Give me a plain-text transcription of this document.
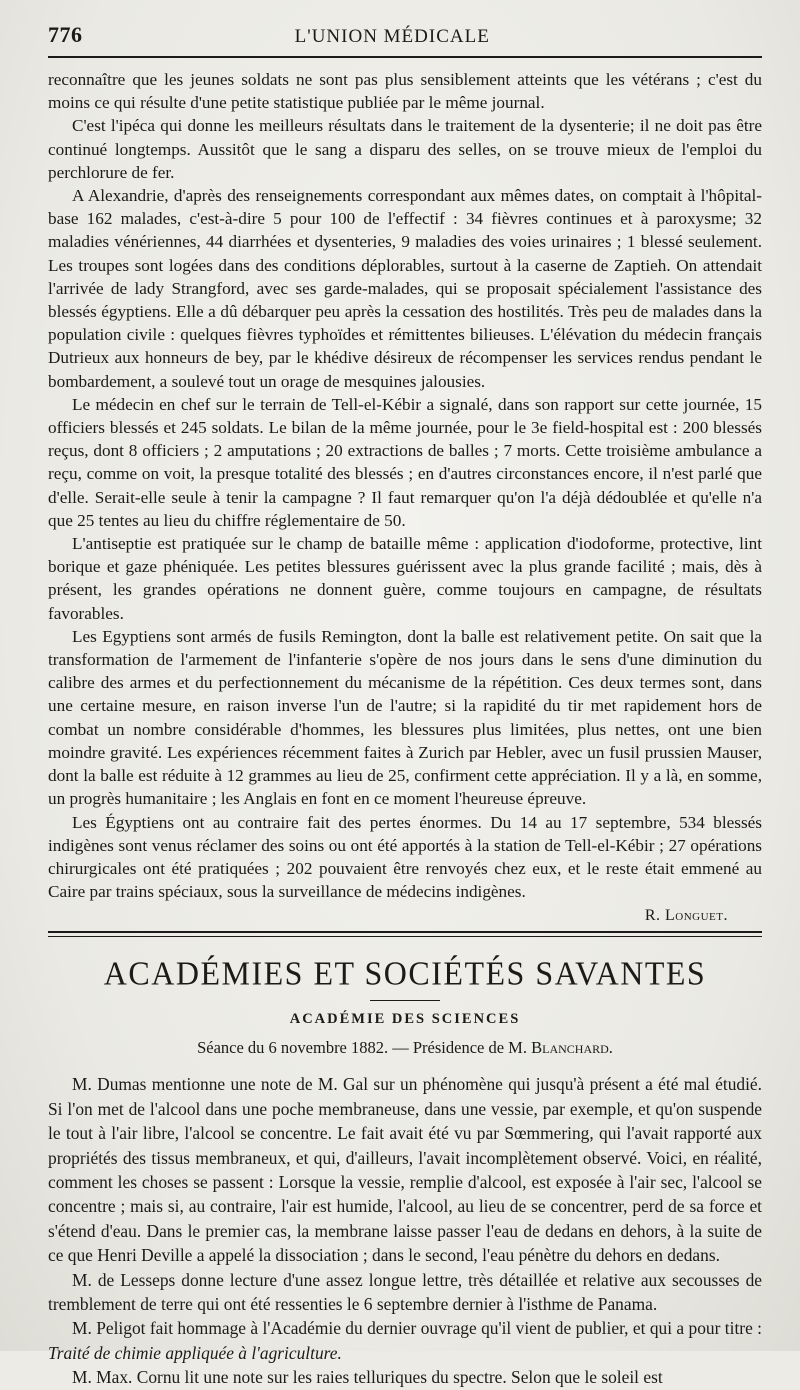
776	L'UNION MÉDICALE

reconnaître que les jeunes soldats ne sont pas plus sensiblement atteints que les vétérans ; c'est du moins ce qui résulte d'une petite statistique publiée par le même journal.

C'est l'ipéca qui donne les meilleurs résultats dans le traitement de la dysenterie; il ne doit pas être continué longtemps. Aussitôt que le sang a disparu des selles, on se trouve mieux de l'emploi du perchlorure de fer.

A Alexandrie, d'après des renseignements correspondant aux mêmes dates, on comptait à l'hôpital-base 162 malades, c'est-à-dire 5 pour 100 de l'effectif : 34 fièvres continues et à paroxysme; 32 maladies vénériennes, 44 diarrhées et dysenteries, 9 maladies des voies urinaires ; 1 blessé seulement. Les troupes sont logées dans des conditions déplorables, surtout à la caserne de Zaptieh. On attendait l'arrivée de lady Strangford, avec ses garde-malades, qui se proposait spécialement l'assistance des blessés égyptiens. Elle a dû débarquer peu après la cessation des hostilités. Très peu de malades dans la population civile : quelques fièvres typhoïdes et rémittentes bilieuses. L'élévation du médecin français Dutrieux aux honneurs de bey, par le khédive désireux de récompenser les services rendus pendant le bombardement, a soulevé tout un orage de mesquines jalousies.

Le médecin en chef sur le terrain de Tell-el-Kébir a signalé, dans son rapport sur cette journée, 15 officiers blessés et 245 soldats. Le bilan de la même journée, pour le 3e field-hospital est : 200 blessés reçus, dont 8 officiers ; 2 amputations ; 20 extractions de balles ; 7 morts. Cette troisième ambulance a reçu, comme on voit, la presque totalité des blessés ; en d'autres circonstances encore, il n'est parlé que d'elle. Serait-elle seule à tenir la campagne ? Il faut remarquer qu'on l'a déjà dédoublée et qu'elle n'a que 25 tentes au lieu du chiffre réglementaire de 50.

L'antiseptie est pratiquée sur le champ de bataille même : application d'iodoforme, protective, lint borique et gaze phéniquée. Les petites blessures guérissent avec la plus grande facilité ; mais, dès à présent, les grandes opérations ne donnent guère, comme toujours en campagne, de résultats favorables.

Les Egyptiens sont armés de fusils Remington, dont la balle est relativement petite. On sait que la transformation de l'armement de l'infanterie s'opère de nos jours dans le sens d'une diminution du calibre des armes et du perfectionnement du mécanisme de la répétition. Ces deux termes sont, dans une certaine mesure, en raison inverse l'un de l'autre; si la rapidité du tir met rapidement hors de combat un nombre considérable d'hommes, les blessures plus limitées, plus nettes, ont une bien moindre gravité. Les expériences récemment faites à Zurich par Hebler, avec un fusil prussien Mauser, dont la balle est réduite à 12 grammes au lieu de 25, confirment cette appréciation. Il y a là, en somme, un progrès humanitaire ; les Anglais en font en ce moment l'heureuse épreuve.

Les Égyptiens ont au contraire fait des pertes énormes. Du 14 au 17 septembre, 534 blessés indigènes sont venus réclamer des soins ou ont été apportés à la station de Tell-el-Kébir ; 27 opérations chirurgicales ont été pratiquées ; 202 pouvaient être renvoyés chez eux, et le reste était emmené au Caire par trains spéciaux, sous la surveillance de médecins indigènes.

R. Longuet.
ACADÉMIES ET SOCIÉTÉS SAVANTES
ACADÉMIE DES SCIENCES
Séance du 6 novembre 1882. — Présidence de M. Blanchard.

M. Dumas mentionne une note de M. Gal sur un phénomène qui jusqu'à présent a été mal étudié. Si l'on met de l'alcool dans une poche membraneuse, dans une vessie, par exemple, et qu'on suspende le tout à l'air libre, l'alcool se concentre. Le fait avait été vu par Sœmmering, qui l'avait rapporté aux propriétés des tissus membraneux, et qui, d'ailleurs, l'avait incomplètement observé. Voici, en réalité, comment les choses se passent : Lorsque la vessie, remplie d'alcool, est exposée à l'air sec, l'alcool se concentre ; mais si, au contraire, l'air est humide, l'alcool, au lieu de se concentrer, perd de sa force et s'étend d'eau. Dans le premier cas, la membrane laisse passer l'eau de dedans en dehors, à la suite de ce que Henri Deville a appelé la dissociation ; dans le second, l'eau pénètre du dehors en dedans.

M. de Lesseps donne lecture d'une assez longue lettre, très détaillée et relative aux secousses de tremblement de terre qui ont été ressenties le 6 septembre dernier à l'isthme de Panama.

M. Peligot fait hommage à l'Académie du dernier ouvrage qu'il vient de publier, et qui a pour titre : Traité de chimie appliquée à l'agriculture.

M. Max. Cornu lit une note sur les raies telluriques du spectre. Selon que le soleil est
